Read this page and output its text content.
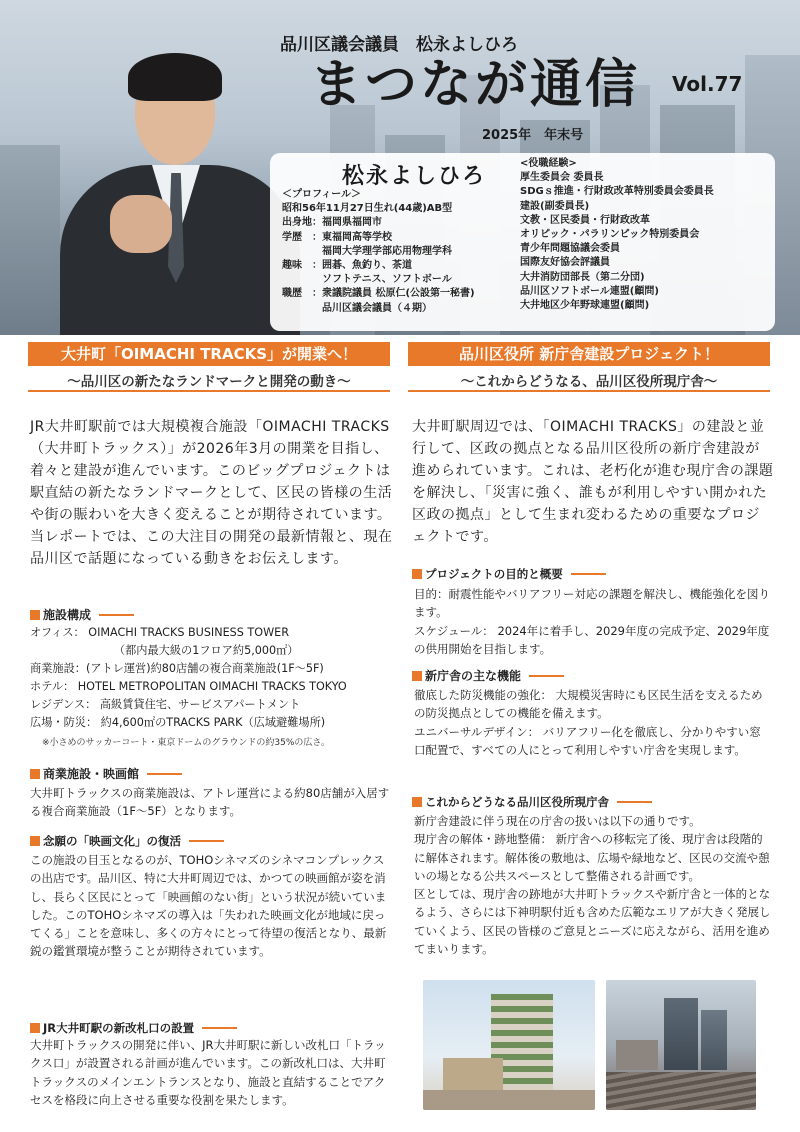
品川区議会議員　松永よしひろ
まつなが通信 Vol.77
2025年　年末号
松永よしひろ
＜プロフィール＞
昭和56年11月27日生れ(44歳)AB型
出身地：福岡県福岡市
学歴　：東福岡高等学校
　　　　福岡大学理学部応用物理学科
趣味　：囲碁、魚釣り、茶道
　　　　ソフトテニス、ソフトボール
職歴　：衆議院議員 松原仁(公設第一秘書)
　　　　品川区議会議員（４期）
<役職経験>
厚生委員会 委員長
SDGｓ推進・行財政改革特別委員会委員長
建設(副委員長)
文教・区民委員・行財政改革
オリピック・パラリンピック特別委員会
青少年問題協議会委員
国際友好協会評議員
大井消防団部長（第二分団)
品川区ソフトボール連盟(顧問)
大井地区少年野球連盟(顧問)
大井町「OIMACHI TRACKS」が開業へ！
～品川区の新たなランドマークと開発の動き～
JR大井町駅前では大規模複合施設「OIMACHI TRACKS（大井町トラックス）」が2026年3月の開業を目指し、着々と建設が進んでいます。このビッグプロジェクトは駅直結の新たなランドマークとして、区民の皆様の生活や街の賑わいを大きく変えることが期待されています。当レポートでは、この大注目の開発の最新情報と、現在品川区で話題になっている動きをお伝えします。
施設構成
オフィス： OIMACHI TRACKS BUSINESS TOWER
　　　　　　　　（都内最大級の1フロア約5,000㎡）
商業施設：(アトレ運営)約80店舗の複合商業施設(1F～5F)
ホテル： HOTEL METROPOLITAN OIMACHI TRACKS TOKYO
レジデンス： 高級賃貸住宅、サービスアパートメント
広場・防災： 約4,600㎡のTRACKS PARK（広域避難場所)
※小さめのサッカーコート・東京ドームのグラウンドの約35%の広さ。
商業施設・映画館
大井町トラックスの商業施設は、アトレ運営による約80店舗が入居する複合商業施設（1F～5F）となります。
念願の「映画文化」の復活
この施設の目玉となるのが、TOHOシネマズのシネマコンプレックスの出店です。品川区、特に大井町周辺では、かつての映画館が姿を消し、長らく区民にとって「映画館のない街」という状況が続いていました。このTOHOシネマズの導入は「失われた映画文化が地域に戻ってくる」ことを意味し、多くの方々にとって待望の復活となり、最新鋭の鑑賞環境が整うことが期待されています。
JR大井町駅の新改札口の設置
大井町トラックスの開発に伴い、JR大井町駅に新しい改札口「トラックス口」が設置される計画が進んでいます。この新改札口は、大井町トラックスのメインエントランスとなり、施設と直結することでアクセスを格段に向上させる重要な役割を果たします。
品川区役所 新庁舎建設プロジェクト！
～これからどうなる、品川区役所現庁舎～
大井町駅周辺では、「OIMACHI TRACKS」の建設と並行して、区政の拠点となる品川区役所の新庁舎建設が進められています。これは、老朽化が進む現庁舎の課題を解決し、「災害に強く、誰もが利用しやすい開かれた区政の拠点」として生まれ変わるための重要なプロジェクトです。
プロジェクトの目的と概要
目的：耐震性能やバリアフリー対応の課題を解決し、機能強化を図ります。
スケジュール： 2024年に着手し、2029年度の完成予定、2029年度の供用開始を目指します。
新庁舎の主な機能
徹底した防災機能の強化： 大規模災害時にも区民生活を支えるための防災拠点としての機能を備えます。
ユニバーサルデザイン： バリアフリー化を徹底し、分かりやすい窓口配置で、すべての人にとって利用しやすい庁舎を実現します。
これからどうなる品川区役所現庁舎
新庁舎建設に伴う現在の庁舎の扱いは以下の通りです。
現庁舎の解体・跡地整備： 新庁舎への移転完了後、現庁舎は段階的に解体されます。解体後の敷地は、広場や緑地など、区民の交流や憩いの場となる公共スペースとして整備される計画です。
区としては、現庁舎の跡地が大井町トラックスや新庁舎と一体的となるよう、さらには下神明駅付近も含めた広範なエリアが大きく発展していくよう、区民の皆様のご意見とニーズに応えながら、活用を進めてまいります。
